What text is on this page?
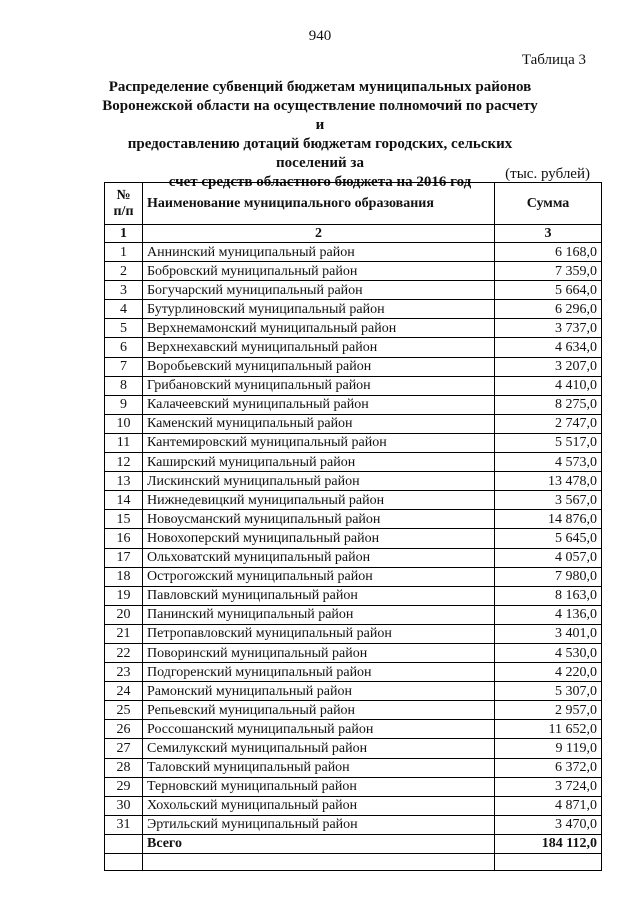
940
Таблица 3
Распределение субвенций бюджетам муниципальных районов
Воронежской области на осуществление полномочий по расчету и
предоставлению дотаций бюджетам городских, сельских поселений за
счет средств областного бюджета на 2016 год	(тыс. рублей)
№
п/п	Наименование муниципального образования	Сумма
1	2	3
1	Аннинский муниципальный район	6 168,0
2	Бобровский муниципальный район	7 359,0
3	Богучарский муниципальный район	5 664,0
4	Бутурлиновский муниципальный район	6 296,0
5	Верхнемамонский муниципальный район	3 737,0
6	Верхнехавский муниципальный район	4 634,0
7	Воробьевский муниципальный район	3 207,0
8	Грибановский муниципальный район	4 410,0
9	Калачеевский муниципальный район	8 275,0
10	Каменский муниципальный район	2 747,0
11	Кантемировский муниципальный район	5 517,0
12	Каширский муниципальный район	4 573,0
13	Лискинский муниципальный район	13 478,0
14	Нижнедевицкий муниципальный район	3 567,0
15	Новоусманский муниципальный район	14 876,0
16	Новохоперский муниципальный район	5 645,0
17	Ольховатский муниципальный район	4 057,0
18	Острогожский муниципальный район	7 980,0
19	Павловский муниципальный район	8 163,0
20	Панинский муниципальный район	4 136,0
21	Петропавловский муниципальный район	3 401,0
22	Поворинский муниципальный район	4 530,0
23	Подгоренский муниципальный район	4 220,0
24	Рамонский муниципальный район	5 307,0
25	Репьевский муниципальный район	2 957,0
26	Россошанский муниципальный район	11 652,0
27	Семилукский муниципальный район	9 119,0
28	Таловский муниципальный район	6 372,0
29	Терновский муниципальный район	3 724,0
30	Хохольский муниципальный район	4 871,0
31	Эртильский муниципальный район	3 470,0
	Всего	184 112,0
